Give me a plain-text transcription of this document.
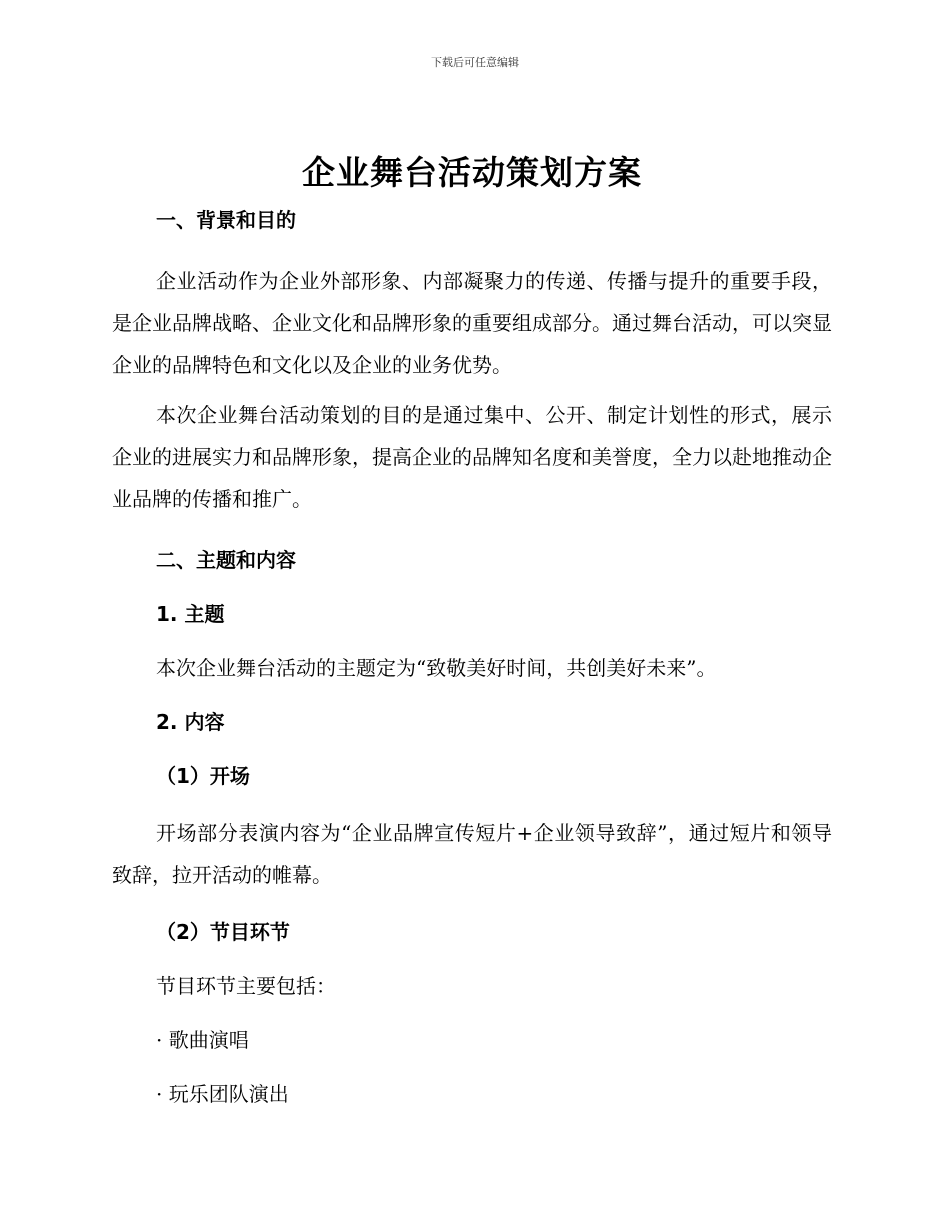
下载后可任意编辑
企业舞台活动策划方案
一、背景和目的

企业活动作为企业外部形象、内部凝聚力的传递、传播与提升的重要手段，是企业品牌战略、企业文化和品牌形象的重要组成部分。通过舞台活动，可以突显企业的品牌特色和文化以及企业的业务优势。

本次企业舞台活动策划的目的是通过集中、公开、制定计划性的形式，展示企业的进展实力和品牌形象，提高企业的品牌知名度和美誉度，全力以赴地推动企业品牌的传播和推广。

二、主题和内容
1. 主题
本次企业舞台活动的主题定为“致敬美好时间，共创美好未来”。
2. 内容
（1）开场

开场部分表演内容为“企业品牌宣传短片+企业领导致辞”，通过短片和领导致辞，拉开活动的帷幕。

（2）节目环节
节目环节主要包括：
· 歌曲演唱
· 玩乐团队演出
